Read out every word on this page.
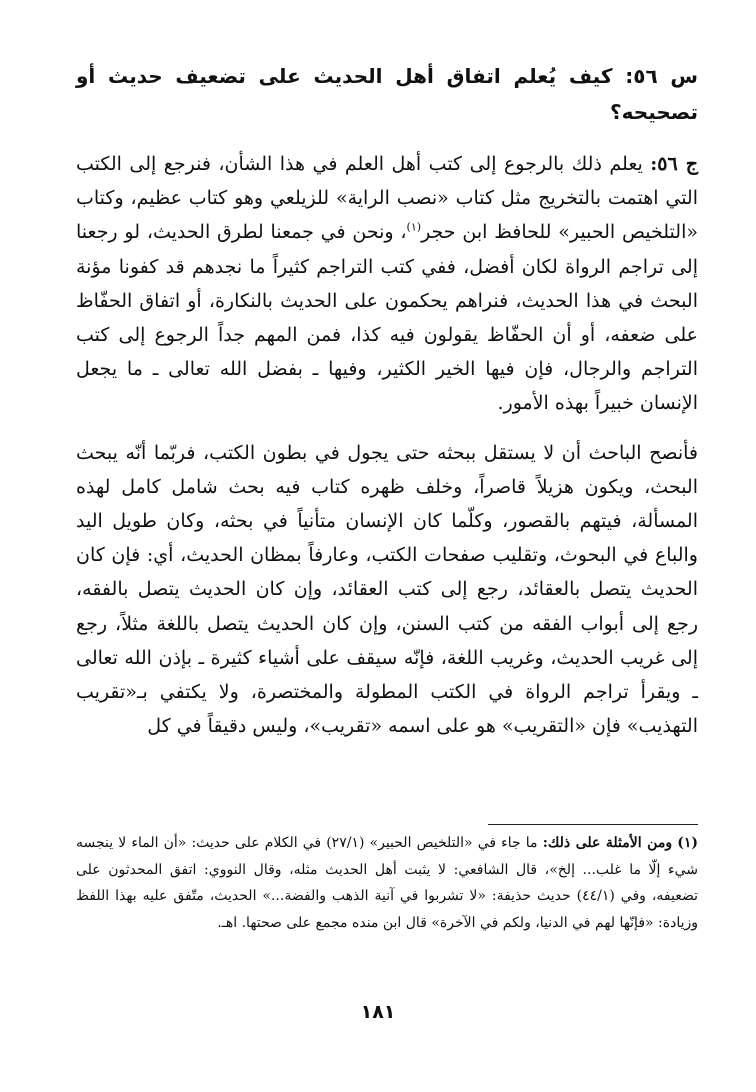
س ٥٦: كيف يُعلم اتفاق أهل الحديث على تضعيف حديث أو تصحيحه؟

ج ٥٦: يعلم ذلك بالرجوع إلى كتب أهل العلم في هذا الشأن، فنرجع إلى الكتب التي اهتمت بالتخريج مثل كتاب «نصب الراية» للزيلعي وهو كتاب عظيم، وكتاب «التلخيص الحبير» للحافظ ابن حجر$^{(١)}$، ونحن في جمعنا لطرق الحديث، لو رجعنا إلى تراجم الرواة لكان أفضل، ففي كتب التراجم كثيراً ما نجدهم قد كفونا مؤنة البحث في هذا الحديث، فنراهم يحكمون على الحديث بالنكارة، أو اتفاق الحفّاظ على ضعفه، أو أن الحفّاظ يقولون فيه كذا، فمن المهم جداً الرجوع إلى كتب التراجم والرجال، فإن فيها الخير الكثير، وفيها ـ بفضل الله تعالى ـ ما يجعل الإنسان خبيراً بهذه الأمور.

فأنصح الباحث أن لا يستقل ببحثه حتى يجول في بطون الكتب، فربّما أنّه يبحث البحث، ويكون هزيلاً قاصراً، وخلف ظهره كتاب فيه بحث شامل كامل لهذه المسألة، فيتهم بالقصور، وكلّما كان الإنسان متأنياً في بحثه، وكان طويل اليد والباع في البحوث، وتقليب صفحات الكتب، وعارفاً بمظان الحديث، أي: فإن كان الحديث يتصل بالعقائد، رجع إلى كتب العقائد، وإن كان الحديث يتصل بالفقه، رجع إلى أبواب الفقه من كتب السنن، وإن كان الحديث يتصل باللغة مثلاً، رجع إلى غريب الحديث، وغريب اللغة، فإنّه سيقف على أشياء كثيرة ـ بإذن الله تعالى ـ ويقرأ تراجم الرواة في الكتب المطولة والمختصرة، ولا يكتفي بـ«تقريب التهذيب» فإن «التقريب» هو على اسمه «تقريب»، وليس دقيقاً في كل

(١) ومن الأمثلة على ذلك: ما جاء في «التلخيص الحبير» (٢٧/١) في الكلام على حديث: «أن الماء لا ينجسه شيء إلّا ما غلب... إلخ»، قال الشافعي: لا يثبت أهل الحديث مثله، وقال النووي: اتفق المحدثون على تضعيفه، وفي (٤٤/١) حديث حذيفة: «لا تشربوا في آنية الذهب والفضة...» الحديث، متّفق عليه بهذا اللفظ وزيادة: «فإنّها لهم في الدنيا، ولكم في الآخرة» قال ابن منده مجمع على صحتها. اهـ.

١٨١
